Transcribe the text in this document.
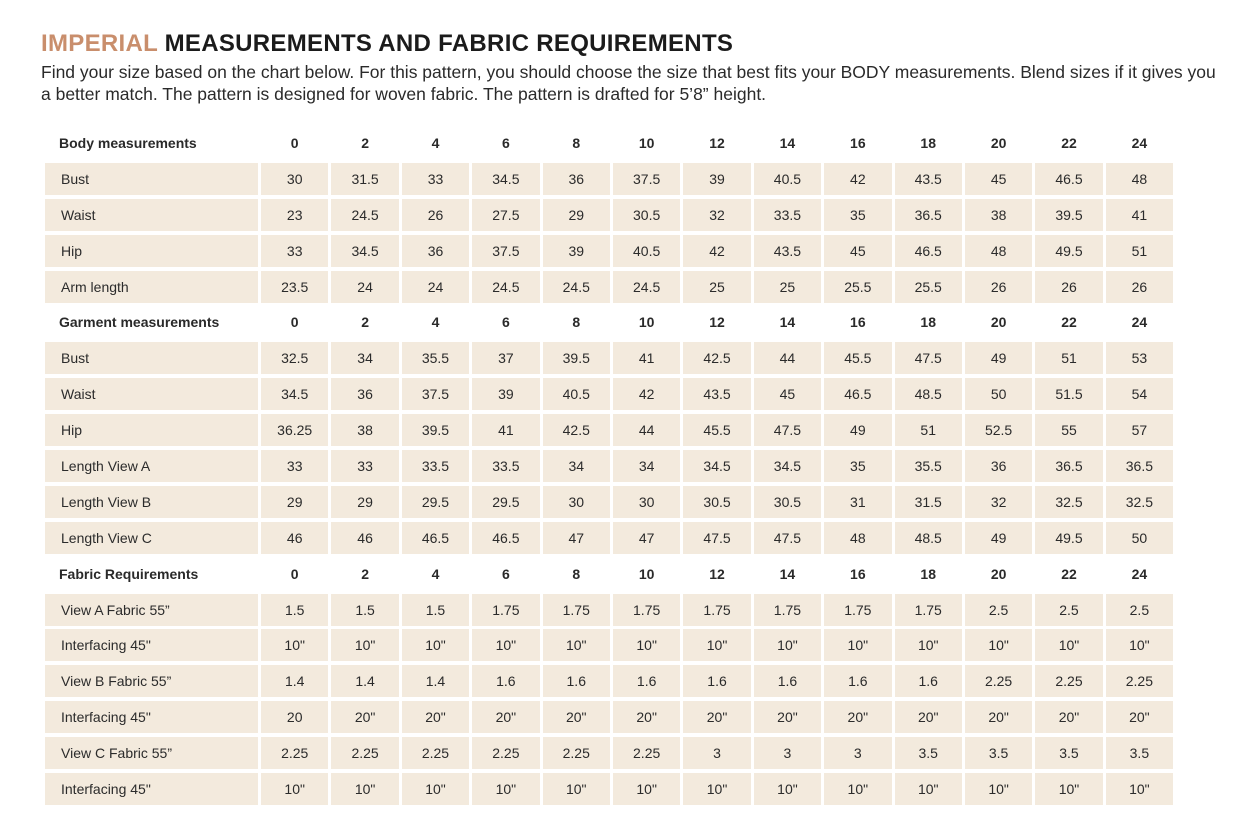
IMPERIAL MEASUREMENTS AND FABRIC REQUIREMENTS
Find your size based on the chart below. For this pattern, you should choose the size that best fits your BODY measurements. Blend sizes if it gives you a better match. The pattern is designed for woven fabric. The pattern is drafted for 5’8” height.
Body measurements	0	2	4	6	8	10	12	14	16	18	20	22	24
Bust	30	31.5	33	34.5	36	37.5	39	40.5	42	43.5	45	46.5	48
Waist	23	24.5	26	27.5	29	30.5	32	33.5	35	36.5	38	39.5	41
Hip	33	34.5	36	37.5	39	40.5	42	43.5	45	46.5	48	49.5	51
Arm length	23.5	24	24	24.5	24.5	24.5	25	25	25.5	25.5	26	26	26
Garment measurements	0	2	4	6	8	10	12	14	16	18	20	22	24
Bust	32.5	34	35.5	37	39.5	41	42.5	44	45.5	47.5	49	51	53
Waist	34.5	36	37.5	39	40.5	42	43.5	45	46.5	48.5	50	51.5	54
Hip	36.25	38	39.5	41	42.5	44	45.5	47.5	49	51	52.5	55	57
Length View A	33	33	33.5	33.5	34	34	34.5	34.5	35	35.5	36	36.5	36.5
Length View B	29	29	29.5	29.5	30	30	30.5	30.5	31	31.5	32	32.5	32.5
Length View C	46	46	46.5	46.5	47	47	47.5	47.5	48	48.5	49	49.5	50
Fabric Requirements	0	2	4	6	8	10	12	14	16	18	20	22	24
View A Fabric 55”	1.5	1.5	1.5	1.75	1.75	1.75	1.75	1.75	1.75	1.75	2.5	2.5	2.5
Interfacing 45"	10"	10"	10"	10"	10"	10"	10"	10"	10"	10"	10"	10"	10"
View B Fabric 55”	1.4	1.4	1.4	1.6	1.6	1.6	1.6	1.6	1.6	1.6	2.25	2.25	2.25
Interfacing 45"	20	20"	20"	20"	20"	20"	20"	20"	20"	20"	20"	20"	20"
View C Fabric 55”	2.25	2.25	2.25	2.25	2.25	2.25	3	3	3	3.5	3.5	3.5	3.5
Interfacing 45"	10"	10"	10"	10"	10"	10"	10"	10"	10"	10"	10"	10"	10"
